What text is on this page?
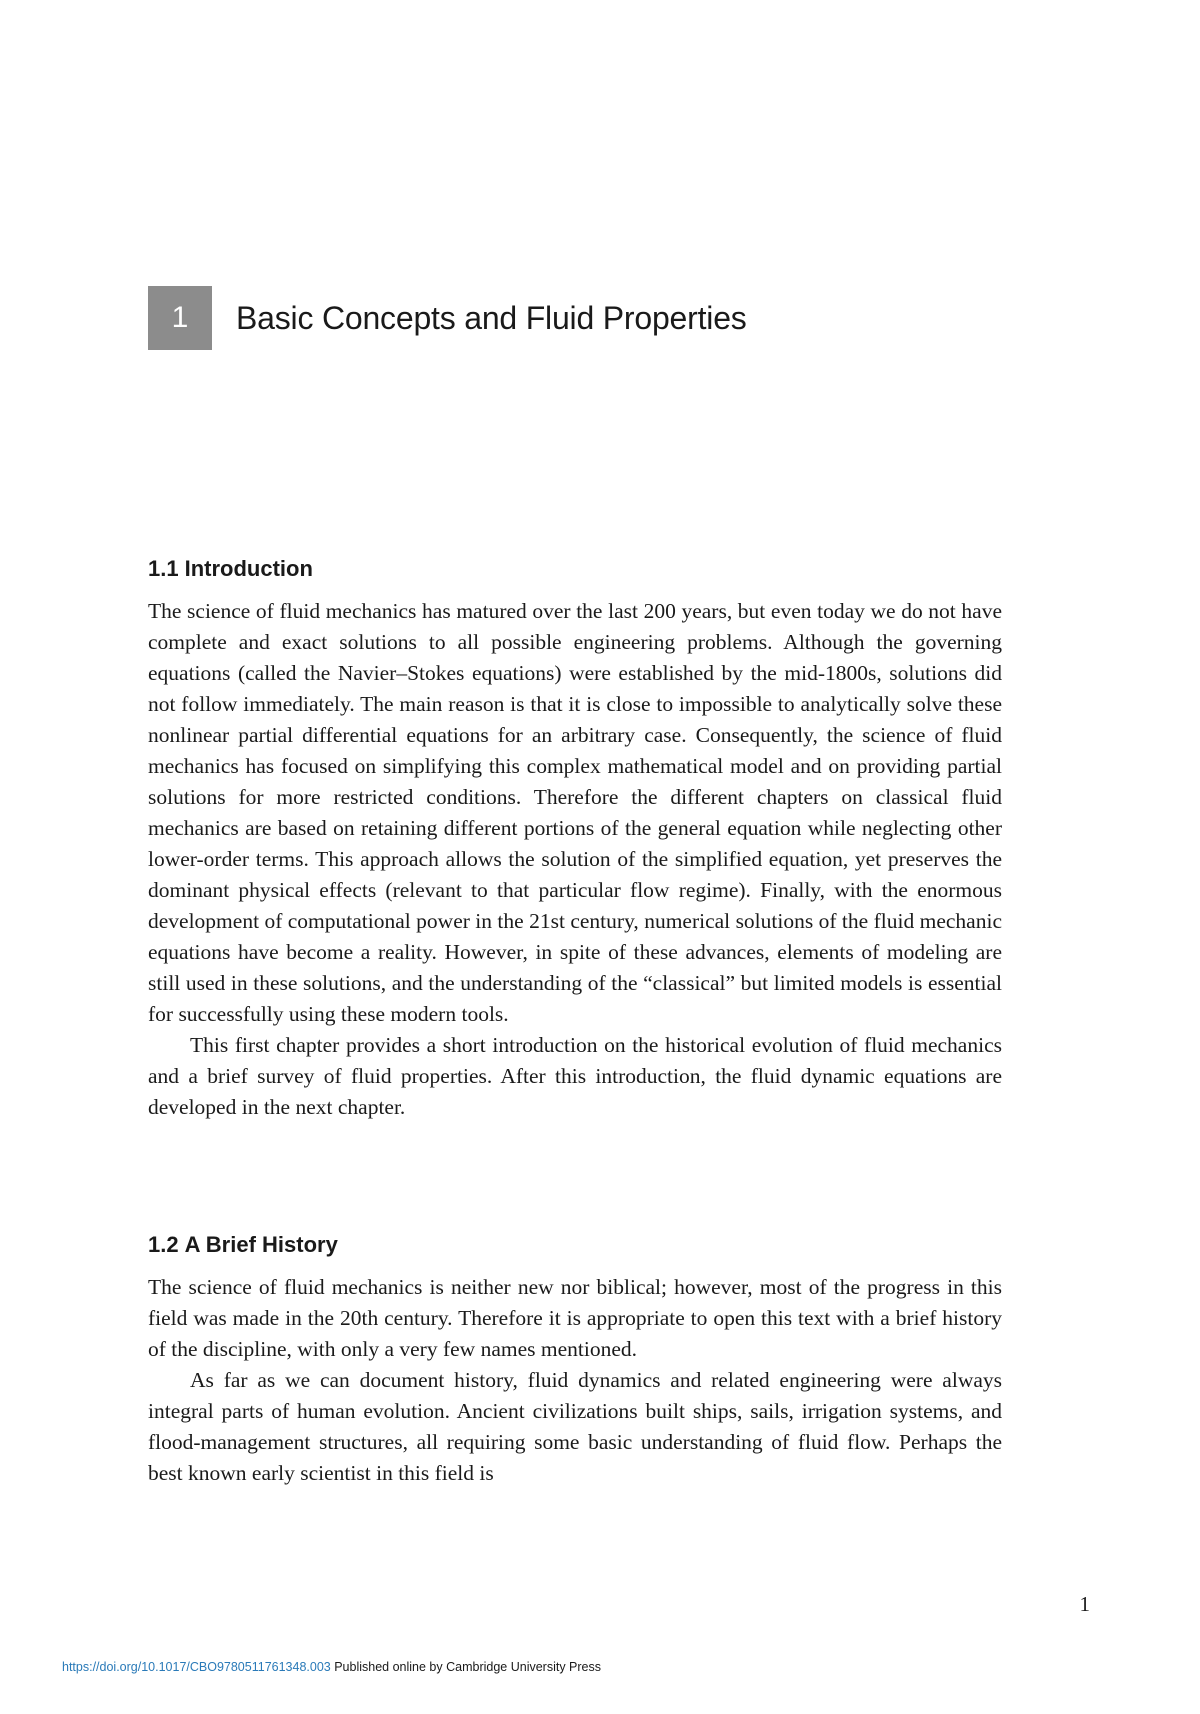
1	Basic Concepts and Fluid Properties
1.1 Introduction

The science of fluid mechanics has matured over the last 200 years, but even today we do not have complete and exact solutions to all possible engineering problems. Although the governing equations (called the Navier–Stokes equations) were established by the mid-1800s, solutions did not follow immediately. The main reason is that it is close to impossible to analytically solve these nonlinear partial differential equations for an arbitrary case. Consequently, the science of fluid mechanics has focused on simplifying this complex mathematical model and on providing partial solutions for more restricted conditions. Therefore the different chapters on classical fluid mechanics are based on retaining different portions of the general equation while neglecting other lower-order terms. This approach allows the solution of the simplified equation, yet preserves the dominant physical effects (relevant to that particular flow regime). Finally, with the enormous development of computational power in the 21st century, numerical solutions of the fluid mechanic equations have become a reality. However, in spite of these advances, elements of modeling are still used in these solutions, and the understanding of the “classical” but limited models is essential for successfully using these modern tools.

This first chapter provides a short introduction on the historical evolution of fluid mechanics and a brief survey of fluid properties. After this introduction, the fluid dynamic equations are developed in the next chapter.

1.2 A Brief History

The science of fluid mechanics is neither new nor biblical; however, most of the progress in this field was made in the 20th century. Therefore it is appropriate to open this text with a brief history of the discipline, with only a very few names mentioned.

As far as we can document history, fluid dynamics and related engineering were always integral parts of human evolution. Ancient civilizations built ships, sails, irrigation systems, and flood-management structures, all requiring some basic understanding of fluid flow. Perhaps the best known early scientist in this field is

1
https://doi.org/10.1017/CBO9780511761348.003 Published online by Cambridge University Press
